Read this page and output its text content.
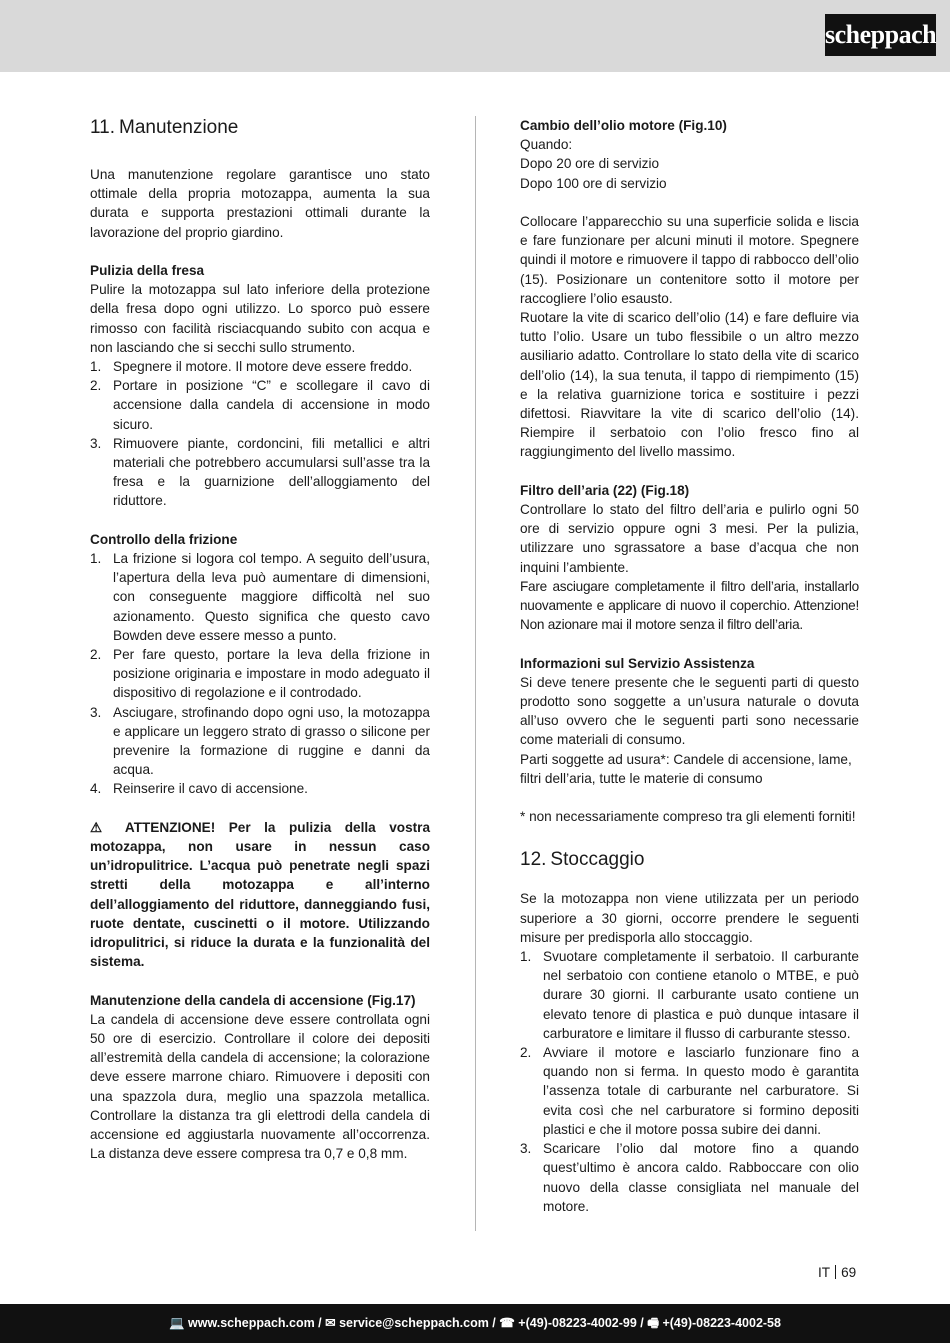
scheppach
11. Manutenzione
Una manutenzione regolare garantisce uno stato ottimale della propria motozappa, aumenta la sua durata e supporta prestazioni ottimali durante la lavorazione del proprio giardino.
Pulizia della fresa
Pulire la motozappa sul lato inferiore della protezione della fresa dopo ogni utilizzo. Lo sporco può essere rimosso con facilità risciacquando subito con acqua e non lasciando che si secchi sullo strumento.
1. Spegnere il motore. Il motore deve essere freddo.
2. Portare in posizione “C” e scollegare il cavo di accensione dalla candela di accensione in modo sicuro.
3. Rimuovere piante, cordoncini, fili metallici e altri materiali che potrebbero accumularsi sull’asse tra la fresa e la guarnizione dell’alloggiamento del riduttore.
Controllo della frizione
1. La frizione si logora col tempo. A seguito dell’usura, l’apertura della leva può aumentare di dimensioni, con conseguente maggiore difficoltà nel suo azionamento. Questo significa che questo cavo Bowden deve essere messo a punto.
2. Per fare questo, portare la leva della frizione in posizione originaria e impostare in modo adeguato il dispositivo di regolazione e il controdado.
3. Asciugare, strofinando dopo ogni uso, la motozappa e applicare un leggero strato di grasso o silicone per prevenire la formazione di ruggine e danni da acqua.
4. Reinserire il cavo di accensione.
⚠ ATTENZIONE! Per la pulizia della vostra motozappa, non usare in nessun caso un’idropulitrice. L’acqua può penetrate negli spazi stretti della motozappa e all’interno dell’alloggiamento del riduttore, danneggiando fusi, ruote dentate, cuscinetti o il motore. Utilizzando idropulitrici, si riduce la durata e la funzionalità del sistema.
Manutenzione della candela di accensione (Fig.17)
La candela di accensione deve essere controllata ogni 50 ore di esercizio. Controllare il colore dei depositi all’estremità della candela di accensione; la colorazione deve essere marrone chiaro. Rimuovere i depositi con una spazzola dura, meglio una spazzola metallica. Controllare la distanza tra gli elettrodi della candela di accensione ed aggiustarla nuovamente all’occorrenza. La distanza deve essere compresa tra 0,7 e 0,8 mm.
Cambio dell’olio motore (Fig.10)
Quando:
Dopo 20 ore di servizio
Dopo 100 ore di servizio
Collocare l’apparecchio su una superficie solida e liscia e fare funzionare per alcuni minuti il motore. Spegnere quindi il motore e rimuovere il tappo di rabbocco dell’olio (15). Posizionare un contenitore sotto il motore per raccogliere l’olio esausto.
Ruotare la vite di scarico dell’olio (14) e fare defluire via tutto l’olio. Usare un tubo flessibile o un altro mezzo ausiliario adatto. Controllare lo stato della vite di scarico dell’olio (14), la sua tenuta, il tappo di riempimento (15) e la relativa guarnizione torica e sostituire i pezzi difettosi. Riavvitare la vite di scarico dell’olio (14). Riempire il serbatoio con l’olio fresco fino al raggiungimento del livello massimo.
Filtro dell’aria (22) (Fig.18)
Controllare lo stato del filtro dell’aria e pulirlo ogni 50 ore di servizio oppure ogni 3 mesi. Per la pulizia, utilizzare uno sgrassatore a base d’acqua che non inquini l’ambiente.
Fare asciugare completamente il filtro dell’aria, installarlo nuovamente e applicare di nuovo il coperchio. Attenzione! Non azionare mai il motore senza il filtro dell’aria.
Informazioni sul Servizio Assistenza
Si deve tenere presente che le seguenti parti di questo prodotto sono soggette a un’usura naturale o dovuta all’uso ovvero che le seguenti parti sono necessarie come materiali di consumo.
Parti soggette ad usura*: Candele di accensione, lame, filtri dell’aria, tutte le materie di consumo
* non necessariamente compreso tra gli elementi forniti!
12. Stoccaggio
Se la motozappa non viene utilizzata per un periodo superiore a 30 giorni, occorre prendere le seguenti misure per predisporla allo stoccaggio.
1. Svuotare completamente il serbatoio. Il carburante nel serbatoio con contiene etanolo o MTBE, e può durare 30 giorni. Il carburante usato contiene un elevato tenore di plastica e può dunque intasare il carburatore e limitare il flusso di carburante stesso.
2. Avviare il motore e lasciarlo funzionare fino a quando non si ferma. In questo modo è garantita l’assenza totale di carburante nel carburatore. Si evita così che nel carburatore si formino depositi plastici e che il motore possa subire dei danni.
3. Scaricare l’olio dal motore fino a quando quest’ultimo è ancora caldo. Rabboccare con olio nuovo della classe consigliata nel manuale del motore.
IT 69
💻 www.scheppach.com / ✉ service@scheppach.com / ☎ +(49)-08223-4002-99 / 🖷 +(49)-08223-4002-58
